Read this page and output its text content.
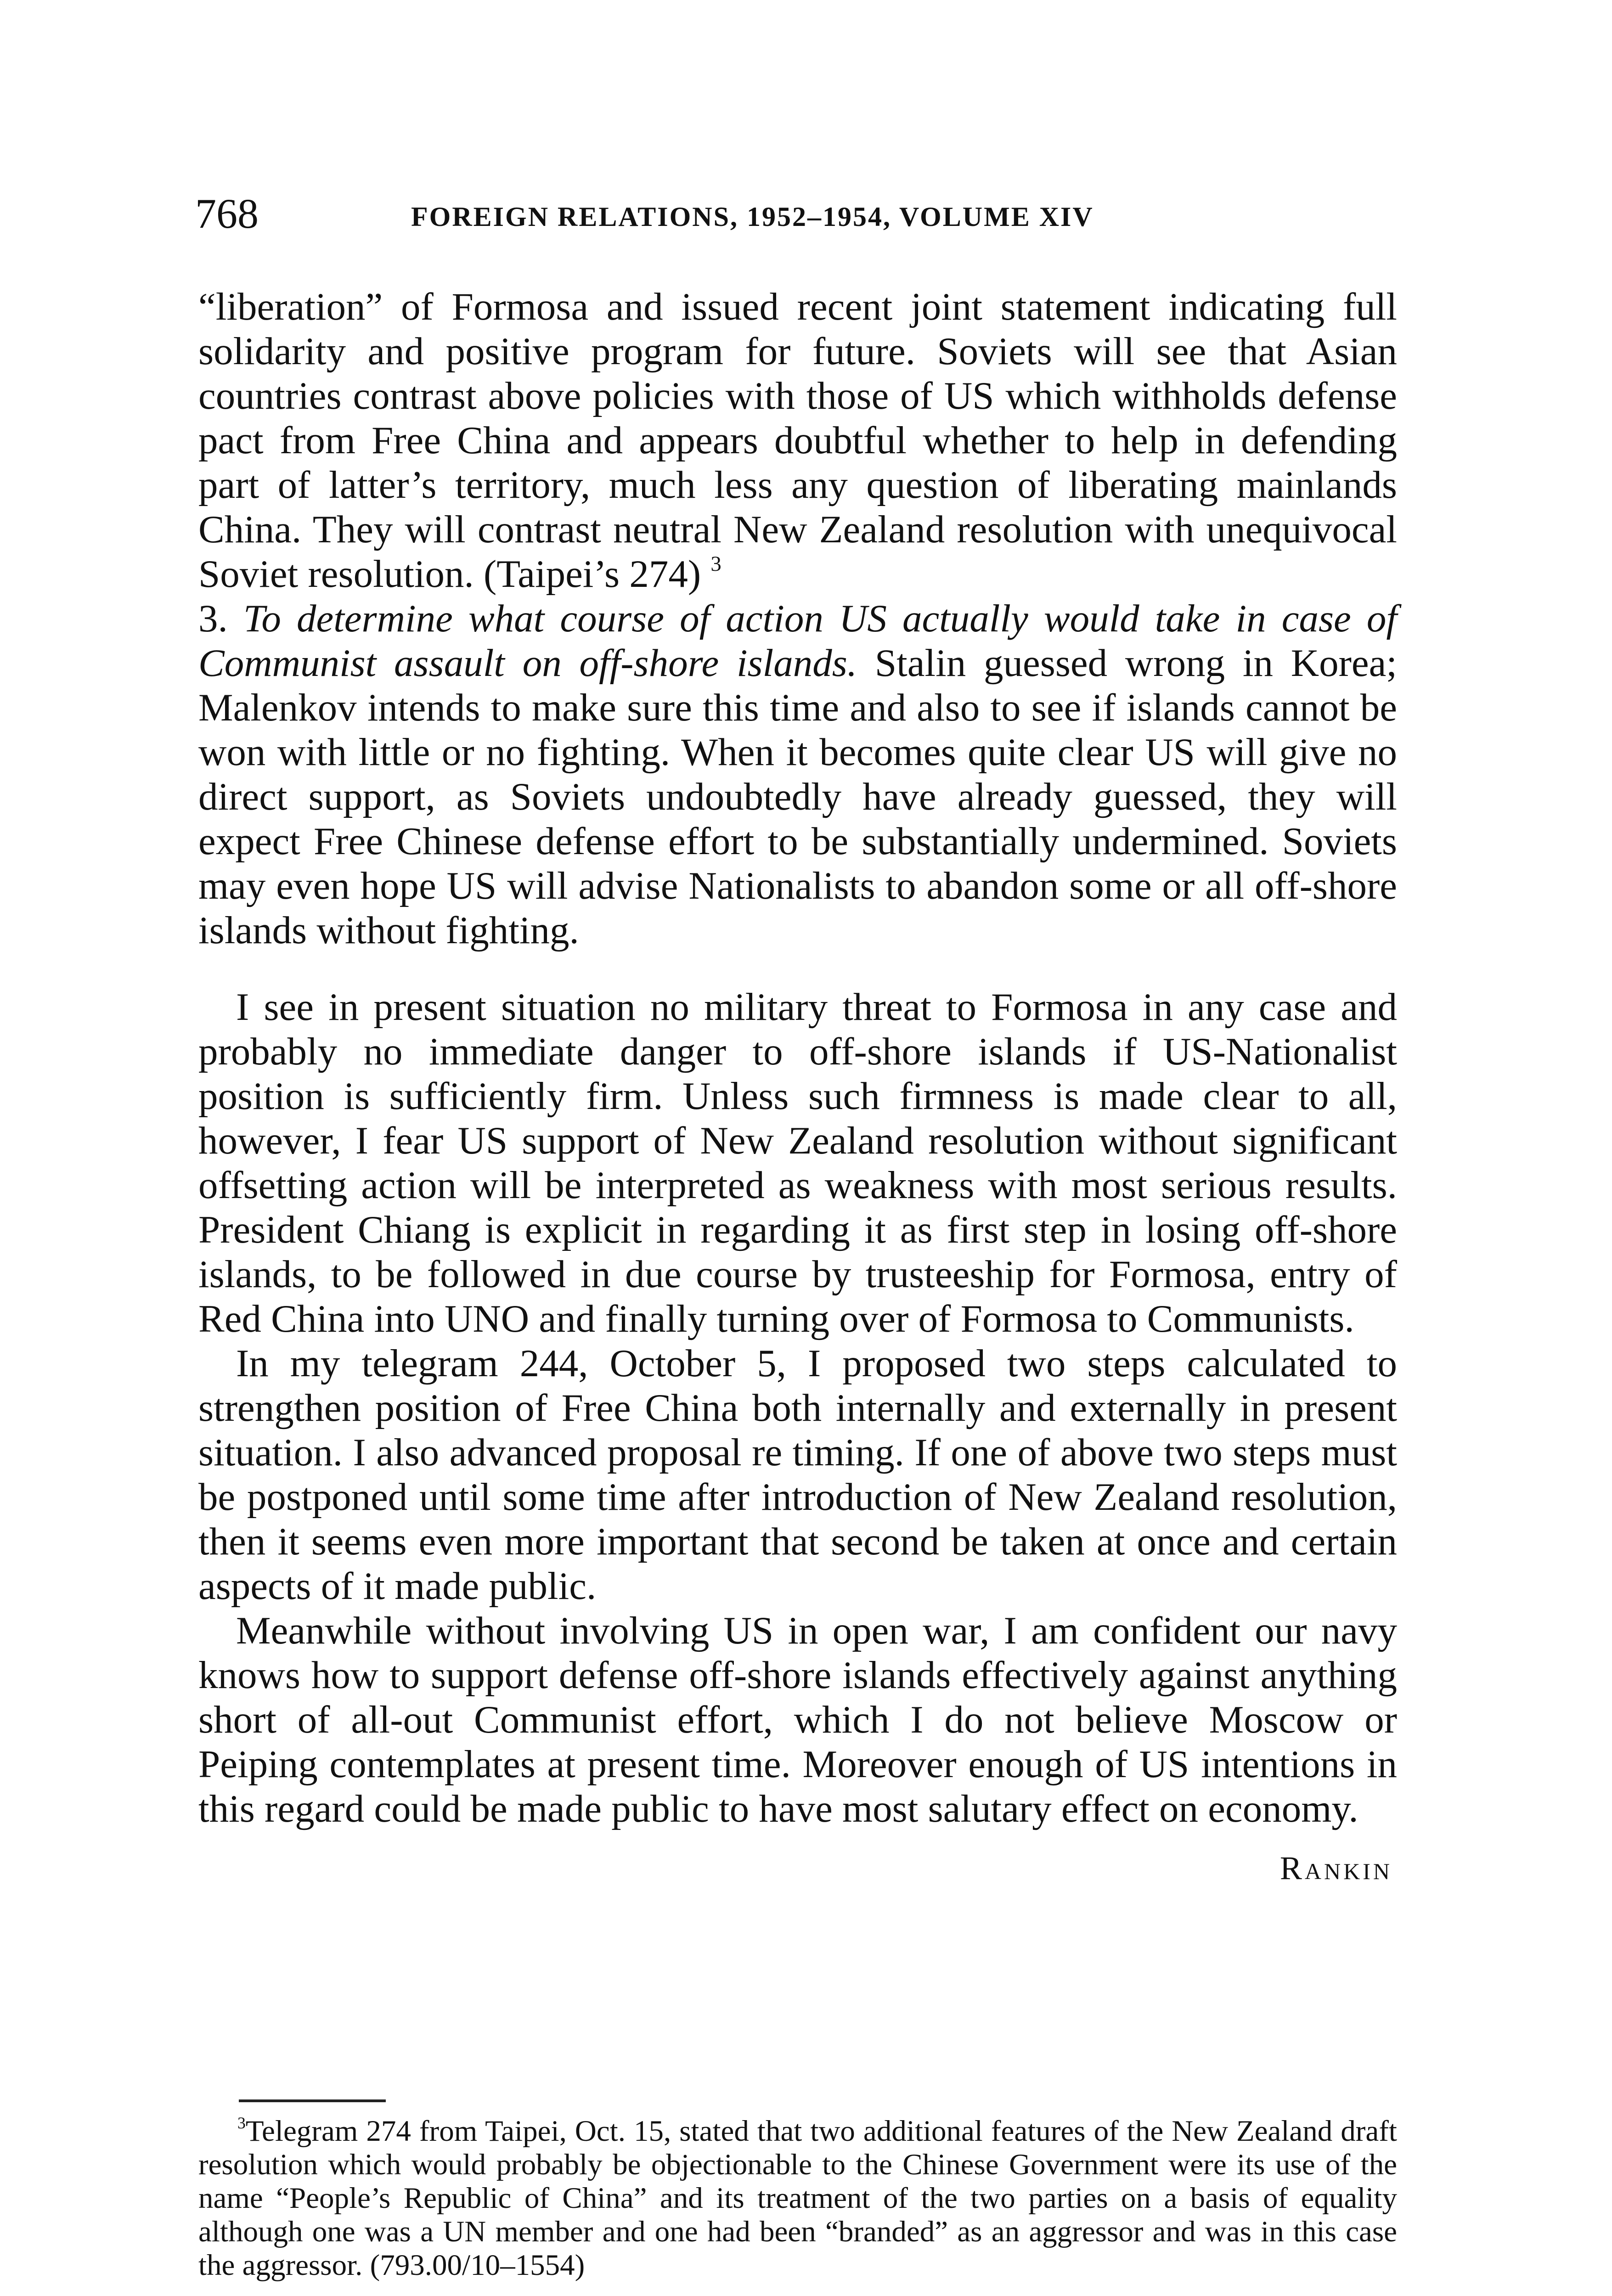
768	FOREIGN RELATIONS, 1952–1954, VOLUME XIV

“liberation” of Formosa and issued recent joint statement indicating full solidarity and positive program for future. Soviets will see that Asian countries contrast above policies with those of US which withholds defense pact from Free China and appears doubtful whether to help in defending part of latter’s territory, much less any question of liberating mainlands China. They will contrast neutral New Zealand resolution with unequivocal Soviet resolution. (Taipei’s 274) $^3$

3. To determine what course of action US actually would take in case of Communist assault on off-shore islands. Stalin guessed wrong in Korea; Malenkov intends to make sure this time and also to see if islands cannot be won with little or no fighting. When it becomes quite clear US will give no direct support, as Soviets undoubtedly have already guessed, they will expect Free Chinese defense effort to be substantially undermined. Soviets may even hope US will advise Nationalists to abandon some or all off-shore islands without fighting.

I see in present situation no military threat to Formosa in any case and probably no immediate danger to off-shore islands if US-Nationalist position is sufficiently firm. Unless such firmness is made clear to all, however, I fear US support of New Zealand resolution without significant offsetting action will be interpreted as weakness with most serious results. President Chiang is explicit in regarding it as first step in losing off-shore islands, to be followed in due course by trusteeship for Formosa, entry of Red China into UNO and finally turning over of Formosa to Communists.

In my telegram 244, October 5, I proposed two steps calculated to strengthen position of Free China both internally and externally in present situation. I also advanced proposal re timing. If one of above two steps must be postponed until some time after introduction of New Zealand resolution, then it seems even more important that second be taken at once and certain aspects of it made public.

Meanwhile without involving US in open war, I am confident our navy knows how to support defense off-shore islands effectively against anything short of all-out Communist effort, which I do not believe Moscow or Peiping contemplates at present time. Moreover enough of US intentions in this regard could be made public to have most salutary effect on economy.

Rankin

$^3$Telegram 274 from Taipei, Oct. 15, stated that two additional features of the New Zealand draft resolution which would probably be objectionable to the Chinese Government were its use of the name “People’s Republic of China” and its treatment of the two parties on a basis of equality although one was a UN member and one had been “branded” as an aggressor and was in this case the aggressor. (793.00/10–1554)
